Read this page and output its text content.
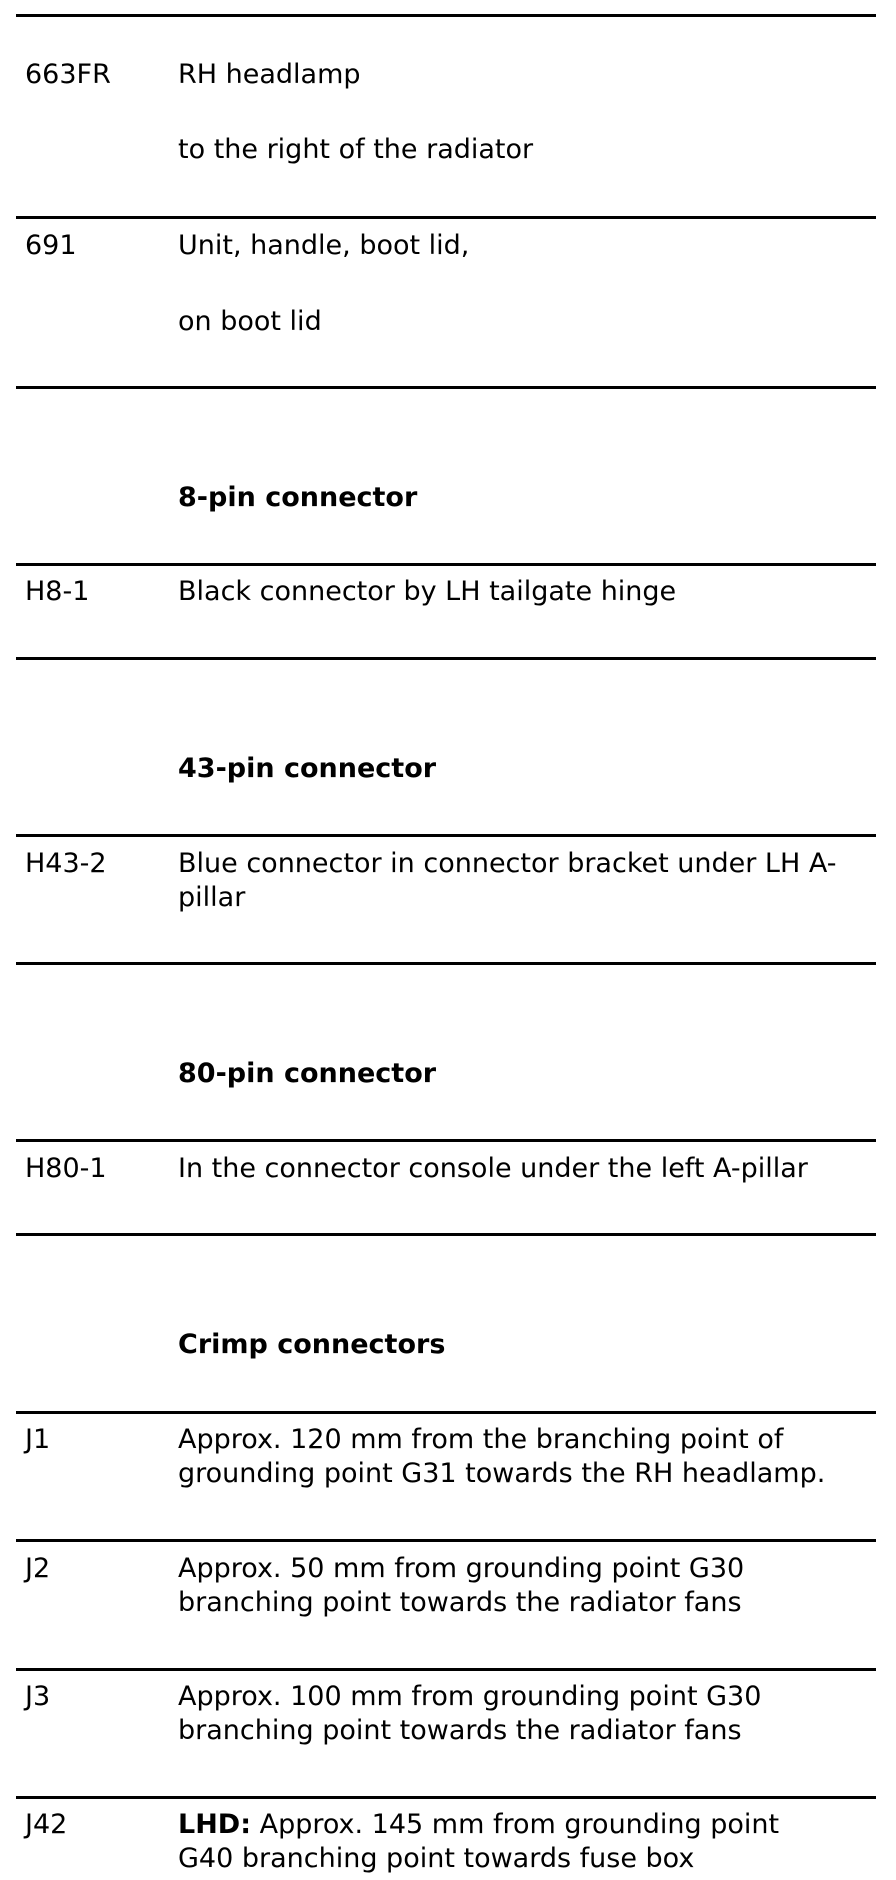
663FR RH headlamp
to the right of the radiator
691	Unit, handle, boot lid,
on boot lid
8-pin connector
H8-1	Black connector by LH tailgate hinge
43-pin connector
H43-2	Blue connector in connector bracket under LH A-
pillar
80-pin connector
H80-1	In the connector console under the left A-pillar
Crimp connectors
J1	Approx. 120 mm from the branching point of
grounding point G31 towards the RH headlamp.
J2	Approx. 50 mm from grounding point G30
branching point towards the radiator fans
J3	Approx. 100 mm from grounding point G30
branching point towards the radiator fans
J42	LHD: Approx. 145 mm from grounding point
G40 branching point towards fuse box
